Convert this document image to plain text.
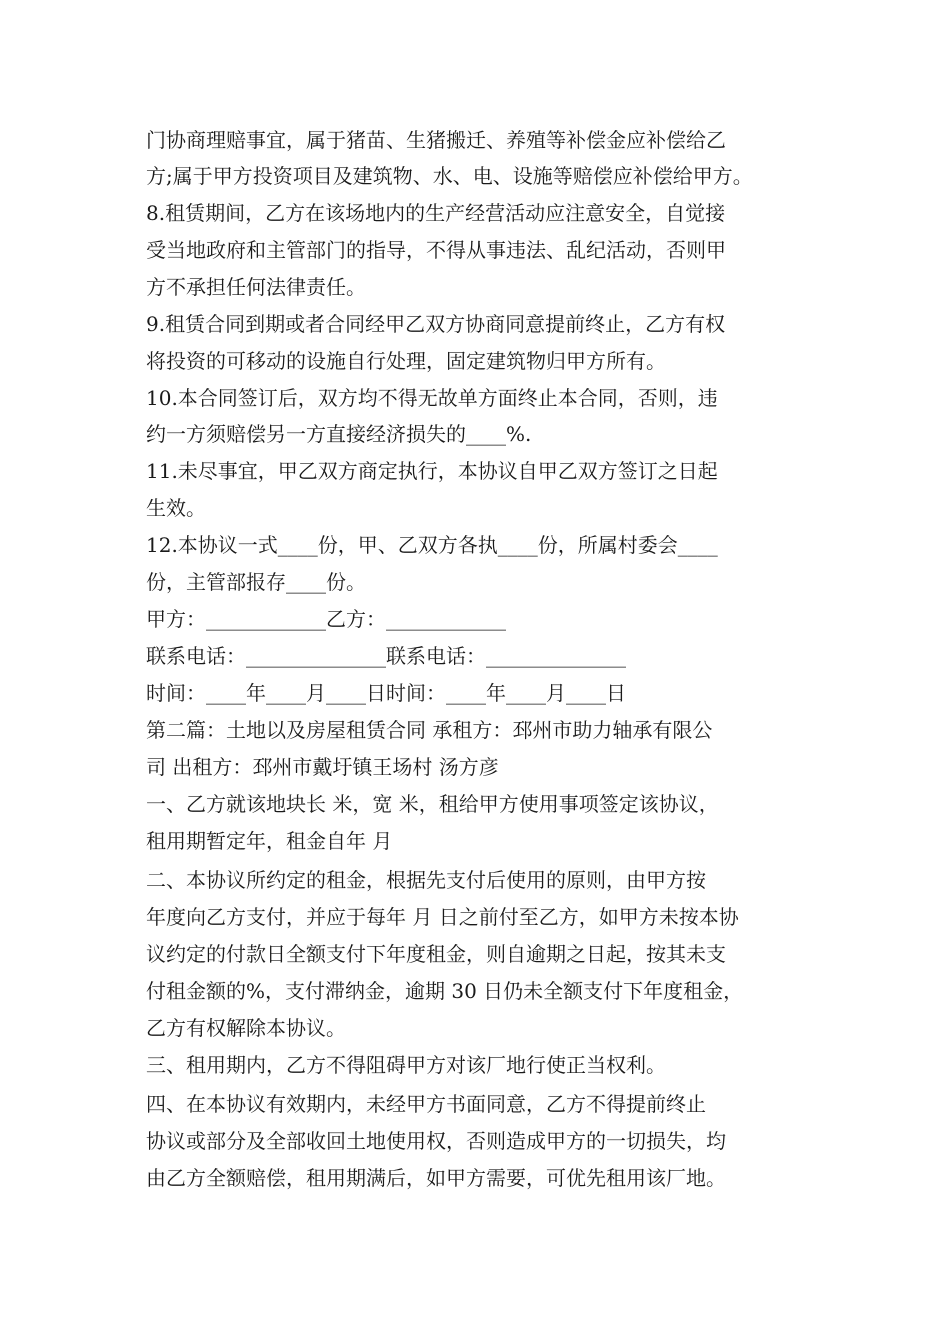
门协商理赔事宜，属于猪苗、生猪搬迁、养殖等补偿金应补偿给乙
方;属于甲方投资项目及建筑物、水、电、设施等赔偿应补偿给甲方。
8.租赁期间，乙方在该场地内的生产经营活动应注意安全，自觉接
受当地政府和主管部门的指导，不得从事违法、乱纪活动，否则甲
方不承担任何法律责任。
9.租赁合同到期或者合同经甲乙双方协商同意提前终止，乙方有权
将投资的可移动的设施自行处理，固定建筑物归甲方所有。
10.本合同签订后，双方均不得无故单方面终止本合同，否则，违
约一方须赔偿另一方直接经济损失的____%.
11.未尽事宜，甲乙双方商定执行，本协议自甲乙双方签订之日起
生效。
12.本协议一式____份，甲、乙双方各执____份，所属村委会____
份，主管部报存____份。
甲方：____________乙方：____________
联系电话：______________联系电话：______________
时间：____年____月____日时间：____年____月____日
第二篇：土地以及房屋租赁合同 承租方：邳州市助力轴承有限公
司 出租方：邳州市戴圩镇王场村 汤方彦
一、乙方就该地块长 米，宽 米，租给甲方使用事项签定该协议，
租用期暂定年，租金自年 月
二、本协议所约定的租金，根据先支付后使用的原则，由甲方按
年度向乙方支付，并应于每年 月 日之前付至乙方，如甲方未按本协
议约定的付款日全额支付下年度租金，则自逾期之日起，按其未支
付租金额的%，支付滞纳金，逾期 30 日仍未全额支付下年度租金，
乙方有权解除本协议。
三、租用期内，乙方不得阻碍甲方对该厂地行使正当权利。
四、在本协议有效期内，未经甲方书面同意，乙方不得提前终止
协议或部分及全部收回土地使用权，否则造成甲方的一切损失，均
由乙方全额赔偿，租用期满后，如甲方需要，可优先租用该厂地。
